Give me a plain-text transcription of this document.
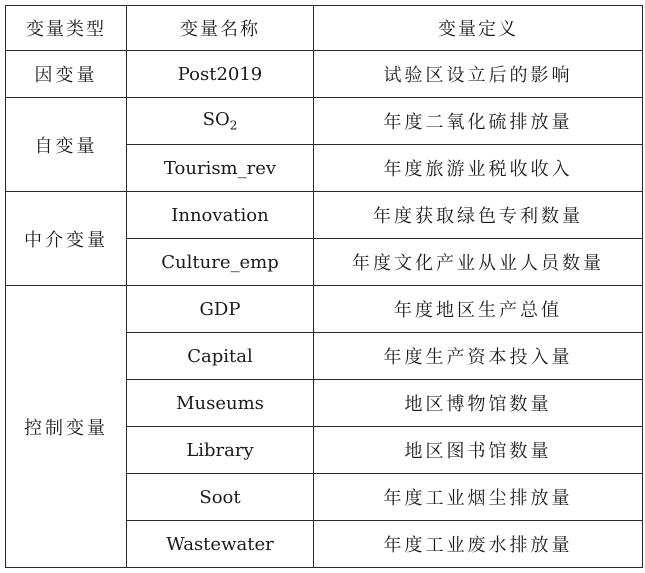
变量类型	变量名称	变量定义
因变量	Post2019	试验区设立后的影响
自变量	$SO_2$	年度二氧化硫排放量
	Tourism_rev	年度旅游业税收收入
中介变量	Innovation	年度获取绿色专利数量
	Culture_emp	年度文化产业从业人员数量
控制变量	GDP	年度地区生产总值
	Capital	年度生产资本投入量
	Museums	地区博物馆数量
	Library	地区图书馆数量
	Soot	年度工业烟尘排放量
	Wastewater	年度工业废水排放量
